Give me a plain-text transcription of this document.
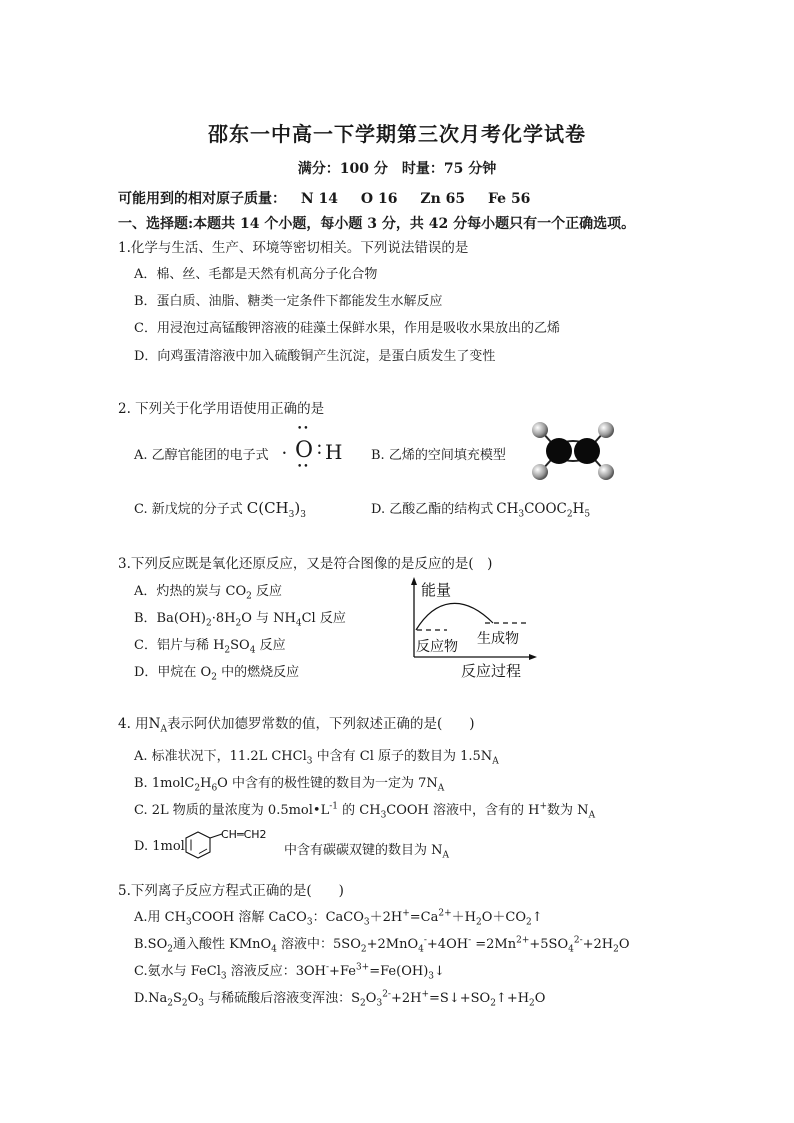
邵东一中高一下学期第三次月考化学试卷
满分：100 分　时量：75 分钟
可能用到的相对原子质量： N 14 O 16 Zn 65 Fe 56
一、选择题:本题共 14 个小题，每小题 3 分，共 42 分每小题只有一个正确选项。
1.化学与生活、生产、环境等密切相关。下列说法错误的是
A．棉、丝、毛都是天然有机高分子化合物
B．蛋白质、油脂、糖类一定条件下都能发生水解反应
C．用浸泡过高锰酸钾溶液的硅藻土保鲜水果，作用是吸收水果放出的乙烯
D．向鸡蛋清溶液中加入硫酸铜产生沉淀，是蛋白质发生了变性
2. 下列关于化学用语使用正确的是
A. 乙醇官能团的电子式 •
••
O •
• H
••
B. 乙烯的空间填充模型
C. 新戊烷的分子式 $C(CH_3)_3$	D. 乙酸乙酯的结构式 $CH_3COOC_2H_5$
3.下列反应既是氧化还原反应，又是符合图像的是反应的是(　)
A．灼热的炭与 $CO_2$ 反应
B．$Ba(OH)_2\cdot 8H_2O$ 与 $NH_4Cl$ 反应
C．铝片与稀 $H_2SO_4$ 反应
D．甲烷在 $O_2$ 中的燃烧反应
能量
反应物 生成物
反应过程
4. 用$N_A$表示阿伏加德罗常数的值，下列叙述正确的是(　　)
A. 标准状况下，11.2L CHCl$_3$ 中含有 Cl 原子的数目为 $1.5N_A$
B. $1molC_2H_6O$ 中含有的极性键的数目为一定为 $7N_A$
C. 2L 物质的量浓度为 $0.5mol•L^{-1}$ 的 $CH_3COOH$ 溶液中，含有的 H+数为 $N_A$
D. 1mol
CH═CH2
中含有碳碳双键的数目为 $N_A$
5.下列离子反应方程式正确的是(　　)
A.用 $CH_3COOH$ 溶解 CaCO$_3$：$CaCO_3+2H^+=Ca^{2+}+H_2O+CO_2↑$
$B.SO_2$通入酸性 KMnO$_4$ 溶液中：$5SO_2+2MnO_4^-+4OH^- =2Mn^{2+}+5SO_4^{2-}+2H_2O$
C.氨水与 FeCl$_3$ 溶液反应：$3OH^-+Fe^{3+}=Fe(OH)_3↓$
$D.Na_2S_2O_3$ 与稀硫酸后溶液变浑浊：$S_2O_3^{2-}+2H^+=S↓+SO_2↑+H_2O$
